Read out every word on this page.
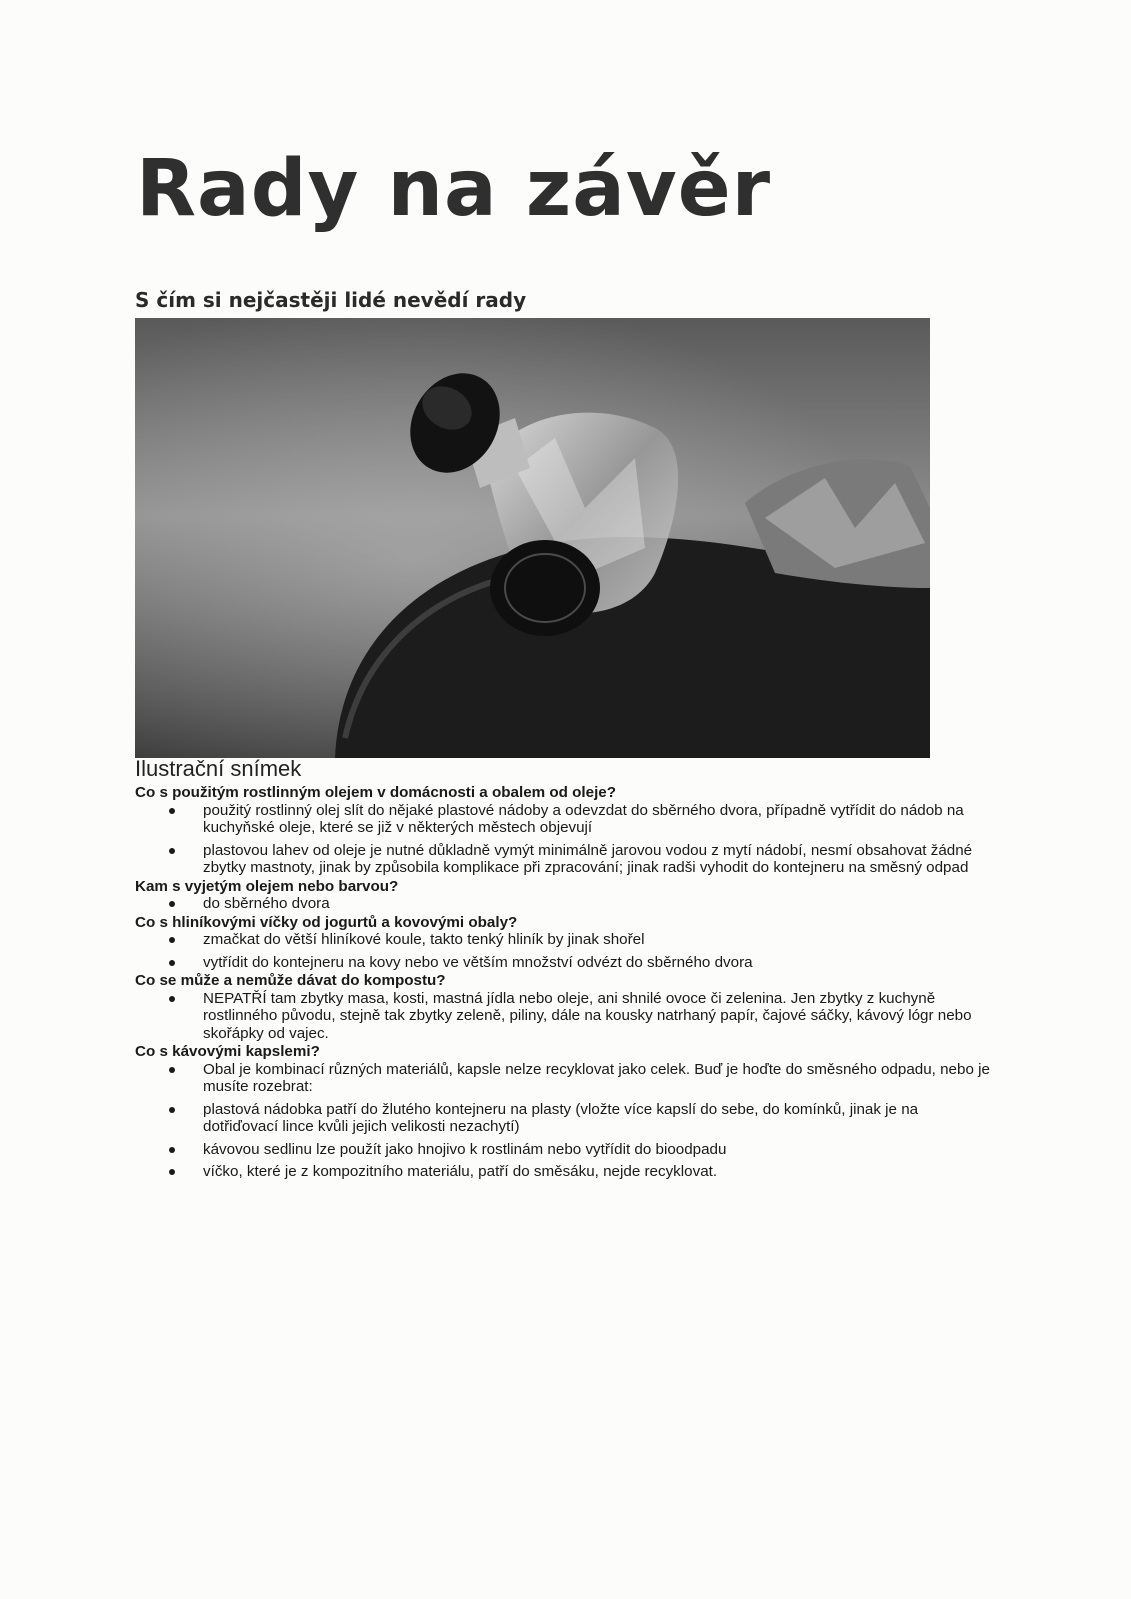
Rady na závěr
S čím si nejčastěji lidé nevědí rady

Ilustrační snímek

Co s použitým rostlinným olejem v domácnosti a obalem od oleje?

použitý rostlinný olej slít do nějaké plastové nádoby a odevzdat do sběrného dvora, případně vytřídit do nádob na kuchyňské oleje, které se již v některých městech objevují
plastovou lahev od oleje je nutné důkladně vymýt minimálně jarovou vodou z mytí nádobí, nesmí obsahovat žádné zbytky mastnoty, jinak by způsobila komplikace při zpracování; jinak radši vyhodit do kontejneru na směsný odpad

Kam s vyjetým olejem nebo barvou?

do sběrného dvora

Co s hliníkovými víčky od jogurtů a kovovými obaly?

zmačkat do větší hliníkové koule, takto tenký hliník by jinak shořel
vytřídit do kontejneru na kovy nebo ve větším množství odvézt do sběrného dvora

Co se může a nemůže dávat do kompostu?

NEPATŘÍ tam zbytky masa, kosti, mastná jídla nebo oleje, ani shnilé ovoce či zelenina. Jen zbytky z kuchyně rostlinného původu, stejně tak zbytky zeleně, piliny, dále na kousky natrhaný papír, čajové sáčky, kávový lógr nebo skořápky od vajec.

Co s kávovými kapslemi?

Obal je kombinací různých materiálů, kapsle nelze recyklovat jako celek. Buď je hoďte do směsného odpadu, nebo je musíte rozebrat:
plastová nádobka patří do žlutého kontejneru na plasty (vložte více kapslí do sebe, do komínků, jinak je na dotřiďovací lince kvůli jejich velikosti nezachytí)
kávovou sedlinu lze použít jako hnojivo k rostlinám nebo vytřídit do bioodpadu
víčko, které je z kompozitního materiálu, patří do směsáku, nejde recyklovat.
